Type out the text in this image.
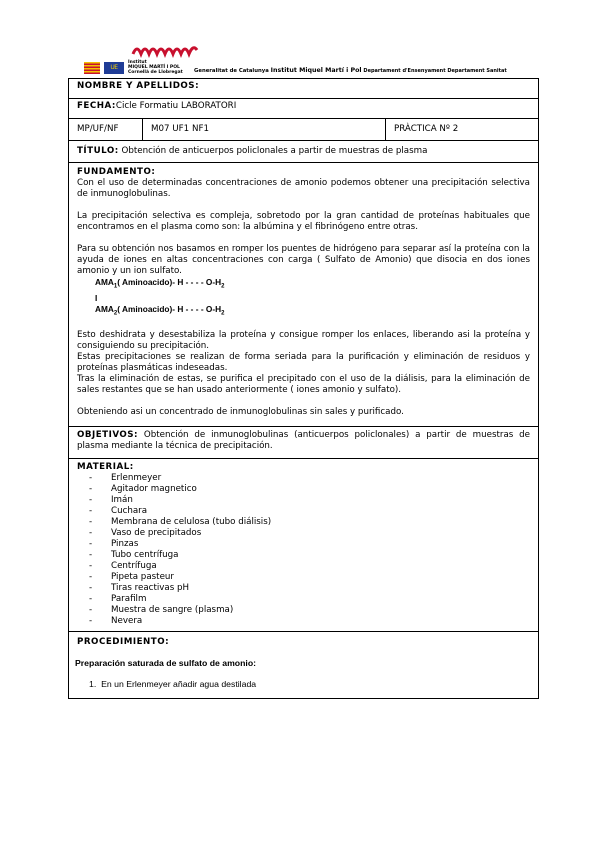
UE
Institut
MIQUEL MARTÍ I POL
Cornellà de Llobregat	Generalitat de Catalunya Institut Miquel Martí i Pol Departament d'Ensenyament Departament Sanitat
NOMBRE Y APELLIDOS:
FECHA:Cicle Formatiu LABORATORI
MP/UF/NF	M07 UF1 NF1	PRÀCTICA Nº 2
TÍTULO: Obtención de anticuerpos policlonales a partir de muestras de plasma

FUNDAMENTO:

Con el uso de determinadas concentraciones de amonio podemos obtener una precipitación selectiva de inmunoglobulinas.

La precipitación selectiva es compleja, sobretodo por la gran cantidad de proteínas habituales que encontramos en el plasma como son: la albúmina y el fibrinógeno entre otras.

Para su obtención nos basamos en romper los puentes de hidrógeno para separar así la proteína con la ayuda de iones en altas concentraciones con carga ( Sulfato de Amonio) que disocia en dos iones amonio y un ion sulfato.

$AMA_1$( Aminoacido)- H - - - - $O-H_2$
I
$AMA_2$( Aminoacido)- H - - - - $O-H_2$

Esto deshidrata y desestabiliza la proteína y consigue romper los enlaces, liberando asi la proteína y consiguiendo su precipitación.

Estas precipitaciones se realizan de forma seriada para la purificación y eliminación de residuos y proteínas plasmáticas indeseadas.

Tras la eliminación de estas, se purifica el precipitado con el uso de la diálisis, para la eliminación de sales restantes que se han usado anteriormente ( iones amonio y sulfato).

Obteniendo asi un concentrado de inmunoglobulinas sin sales y purificado.

OBJETIVOS: Obtención de inmunoglobulinas (anticuerpos policlonales) a partir de muestras de plasma mediante la técnica de precipitación.

MATERIAL:
- Erlenmeyer
- Agitador magnetico
- Imán
- Cuchara
- Membrana de celulosa (tubo diálisis)
- Vaso de precipitados
- Pinzas
- Tubo centrífuga
- Centrífuga
- Pipeta pasteur
- Tiras reactivas pH
- Parafilm
- Muestra de sangre (plasma)
- Nevera

PROCEDIMIENTO:
Preparación saturada de sulfato de amonio:
1. En un Erlenmeyer añadir agua destilada
